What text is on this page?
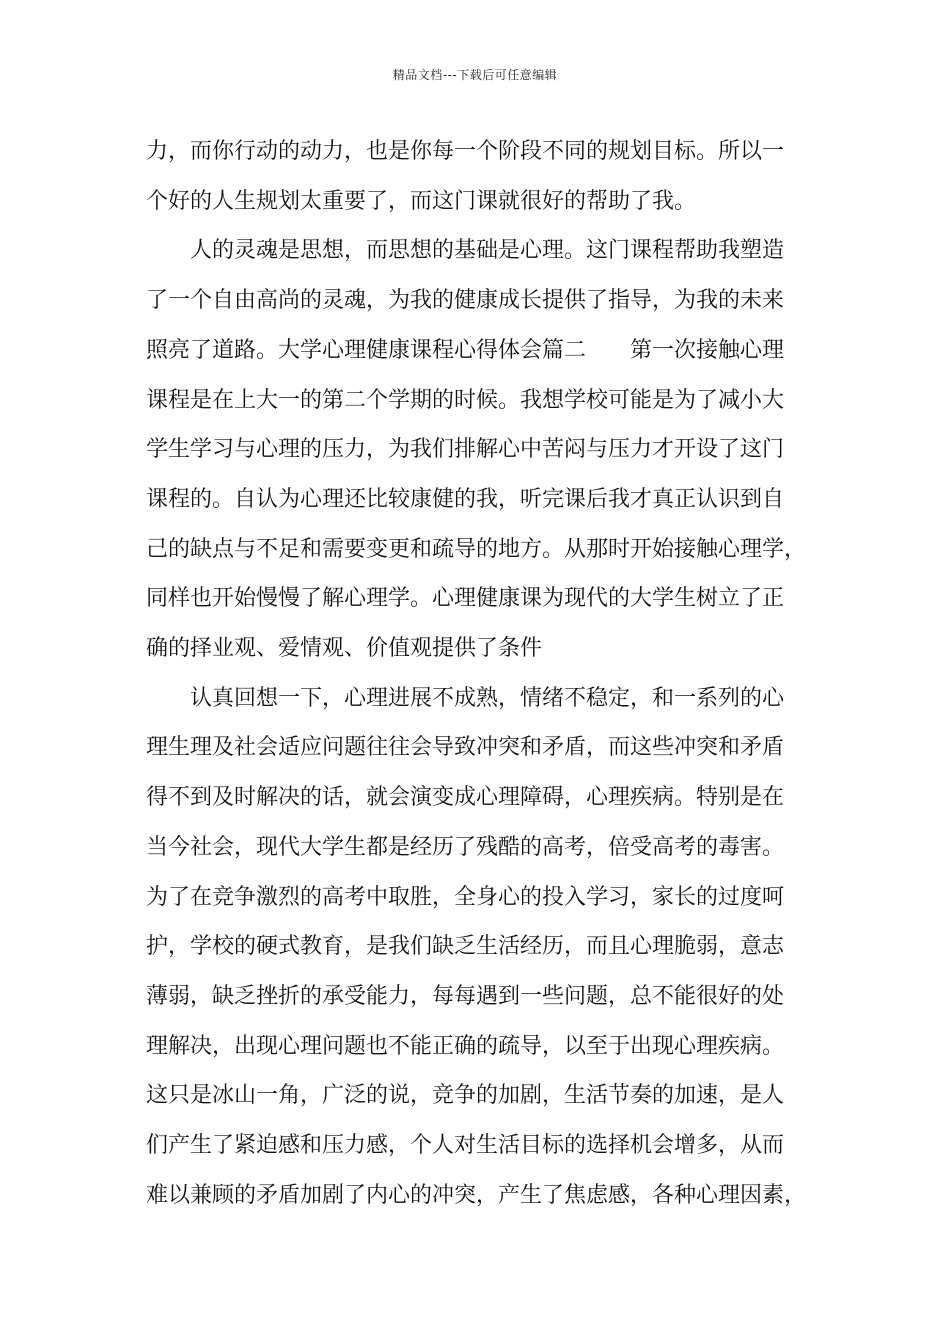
精品文档---下载后可任意编辑
力，而你行动的动力，也是你每一个阶段不同的规划目标。所以一
个好的人生规划太重要了，而这门课就很好的帮助了我。
人的灵魂是思想，而思想的基础是心理。这门课程帮助我塑造
了一个自由高尚的灵魂，为我的健康成长提供了指导，为我的未来
照亮了道路。大学心理健康课程心得体会篇二　　第一次接触心理
课程是在上大一的第二个学期的时候。我想学校可能是为了减小大
学生学习与心理的压力，为我们排解心中苦闷与压力才开设了这门
课程的。自认为心理还比较康健的我，听完课后我才真正认识到自
己的缺点与不足和需要变更和疏导的地方。从那时开始接触心理学，
同样也开始慢慢了解心理学。心理健康课为现代的大学生树立了正
确的择业观、爱情观、价值观提供了条件
认真回想一下，心理进展不成熟，情绪不稳定，和一系列的心
理生理及社会适应问题往往会导致冲突和矛盾，而这些冲突和矛盾
得不到及时解决的话，就会演变成心理障碍，心理疾病。特别是在
当今社会，现代大学生都是经历了残酷的高考，倍受高考的毒害。
为了在竞争激烈的高考中取胜，全身心的投入学习，家长的过度呵
护，学校的硬式教育，是我们缺乏生活经历，而且心理脆弱，意志
薄弱，缺乏挫折的承受能力，每每遇到一些问题，总不能很好的处
理解决，出现心理问题也不能正确的疏导，以至于出现心理疾病。
这只是冰山一角，广泛的说，竞争的加剧，生活节奏的加速，是人
们产生了紧迫感和压力感，个人对生活目标的选择机会增多，从而
难以兼顾的矛盾加剧了内心的冲突，产生了焦虑感，各种心理因素，
